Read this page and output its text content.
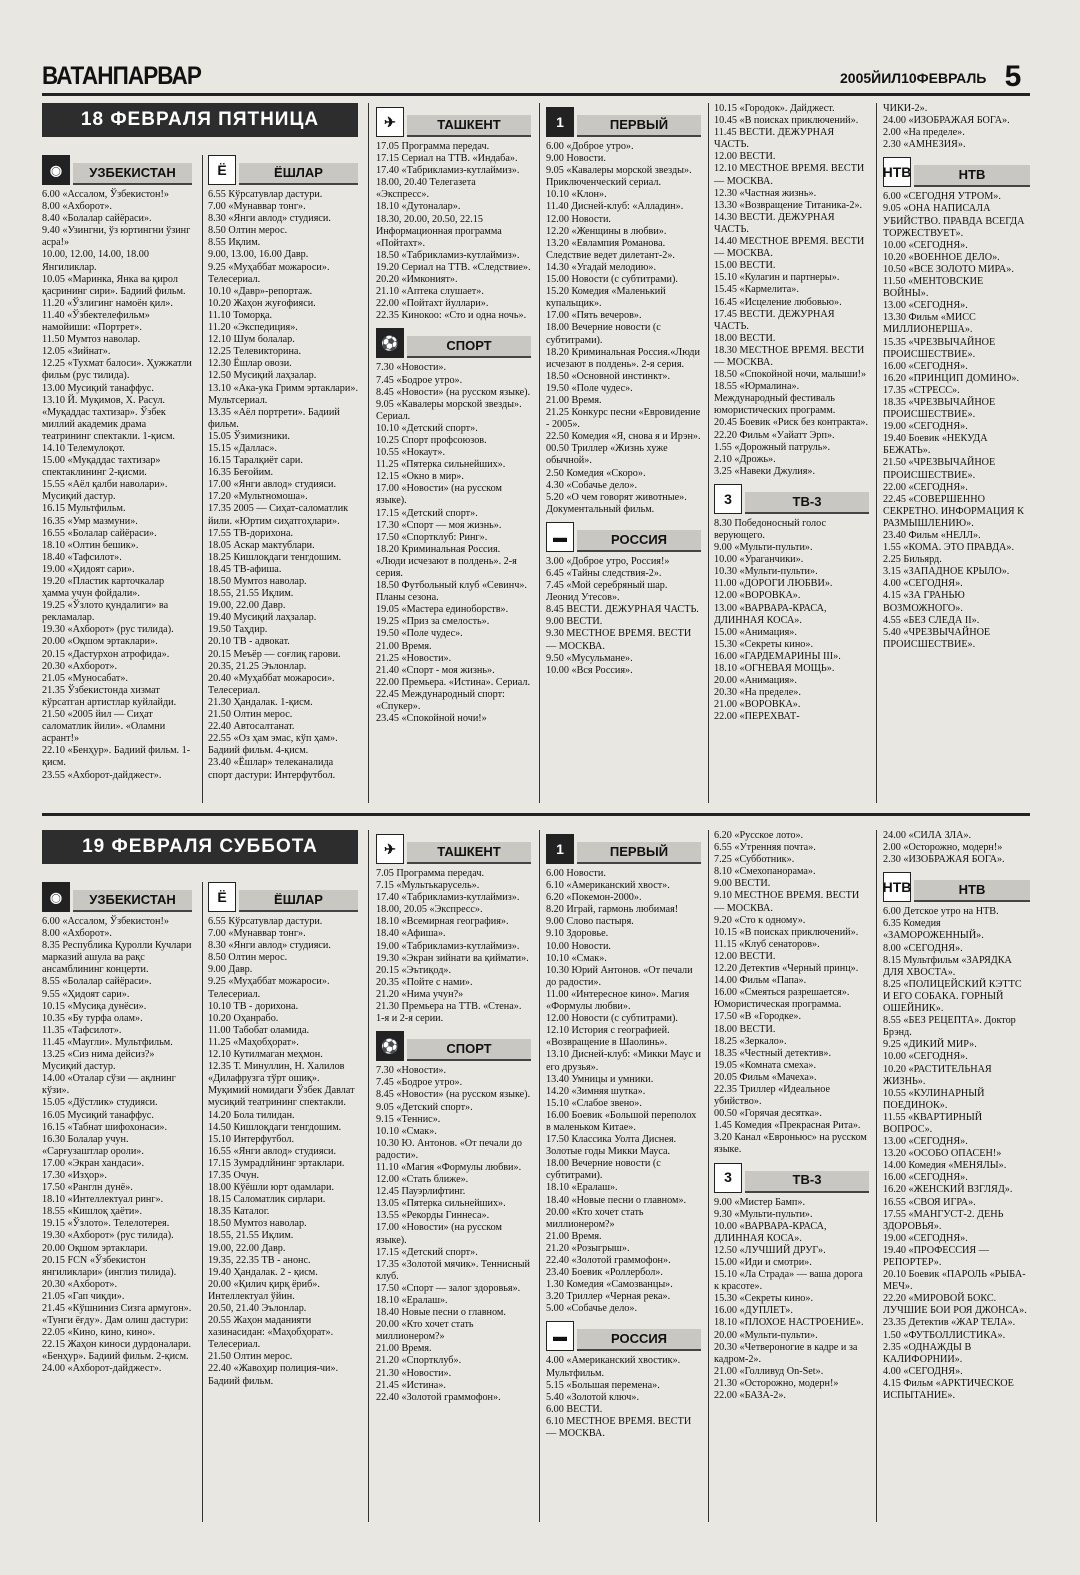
ВАТАНПАРВАР	2005ЙИЛ10ФЕВРАЛЬ 5
18 ФЕВРАЛЯ ПЯТНИЦА
◉	УЗБЕКИСТАН

6.00 «Ассалом, Ўзбекистон!»
8.00 «Ахборот».
8.40 «Болалар сайёраси».
9.40 «Узингни, ўз юртингни ўзинг асра!»
10.00, 12.00, 14.00, 18.00 Янгиликлар.
10.05 «Маринка, Янка ва қирол қасрининг сири». Бадиий фильм.
11.20 «Ўзлигинг намоён қил».
11.40 «Ўзбектелефильм» намойиши: «Портрет».
11.50 Мумтоз наволар.
12.05 «Зийнат».
12.25 «Тухмат балоси». Ҳужжатли фильм (рус тилида).
13.00 Мусиқий танаффус.
13.10 Й. Муқимов, Х. Расул. «Муқаддас тахтизар». Ўзбек миллий академик драма театрининг спектакли. 1-қисм.
14.10 Телемулоқот.
15.00 «Муқаддас тахтизар» спектаклининг 2-қисми.
15.55 «Аёл қалби наволари». Мусиқий дастур.
16.15 Мультфильм.
16.35 «Умр мазмуни».
16.55 «Болалар сайёраси».
18.10 «Олтин бешик».
18.40 «Тафсилот».
19.00 «Ҳидоят сари».
19.20 «Пластик карточкалар ҳамма учун фойдали».
19.25 «Ўзлото қундалиги» ва рекламалар.
19.30 «Ахборот» (рус тилида).
20.00 «Оқшом эртаклари».
20.15 «Дастурхон атрофида».
20.30 «Ахборот».
21.05 «Муносабат».
21.35 Ўзбекистонда хизмат кўрсатган артистлар куйлайди.
21.50 «2005 йил — Сиҳат саломатлик йили». «Оламни асрант!»
22.10 «Бенҳур». Бадиий фильм. 1-қисм.
23.55 «Ахборот-дайджест».

Ё	ЁШЛАР

6.55 Кўрсатувлар дастури.
7.00 «Мунаввар тонг».
8.30 «Янги авлод» студияси.
8.50 Олтин мерос.
8.55 Иқлим.
9.00, 13.00, 16.00 Давр.
9.25 «Муҳаббат можароси». Телесериал.
10.10 «Давр»-репортаж.
10.20 Жаҳон жуғофияси.
11.10 Томорқа.
11.20 «Экспедиция».
12.10 Шум болалар.
12.25 Телевикторина.
12.30 Ёшлар овози.
12.50 Мусиқий лаҳзалар.
13.10 «Ака-ука Гримм эртаклари». Мультсериал.
13.35 «Аёл портрети». Бадиий фильм.
15.05 Ўзимизники.
15.15 «Даллас».
16.15 Таралқиёт сари.
16.35 Беғойим.
17.00 «Янги авлод» студияси.
17.20 «Мультномоша».
17.35 2005 — Сиҳат-саломатлик йили. «Юртим сиҳатгоҳлари».
17.55 ТВ-дорихона.
18.05 Аскар мактублари.
18.25 Кишлоқдаги тенгдошим.
18.45 ТВ-афиша.
18.50 Мумтоз наволар.
18.55, 21.55 Иқлим.
19.00, 22.00 Давр.
19.40 Мусиқий лаҳзалар.
19.50 Таҳдир.
20.10 ТВ - адвокат.
20.15 Меъёр — соғлиқ гарови.
20.35, 21.25 Эълонлар.
20.40 «Муҳаббат можароси». Телесериал.
21.30 Ҳандалак. 1-қисм.
21.50 Олтин мерос.
22.40 Автосалтанат.
22.55 «Оз ҳам эмас, кўп ҳам». Бадиий фильм. 4-қисм.
23.40 «Ёшлар» телеканалида спорт дастури: Интерфутбол.

✈	ТАШКЕНТ

17.05 Программа передач.
17.15 Сериал на ТТВ. «Индаба».
17.40 «Табрикламиз-кутлаймиз».
18.00, 20.40 Телегазета «Экспресс».
18.10 «Дутоналар».
18.30, 20.00, 20.50, 22.15 Информационная программа «Пойтахт».
18.50 «Табрикламиз-кутлаймиз».
19.20 Сериал на ТТВ. «Следствие».
20.20 «Имконият».
21.10 «Аптека слушает».
22.00 «Пойтахт йуллари».
22.35 Кинокоо: «Сто и одна ночь».

⚽	СПОРТ

7.30 «Новости».
7.45 «Бодрое утро».
8.45 «Новости» (на русском языке).
9.05 «Кавалеры морской звезды». Сериал.
10.10 «Детский спорт».
10.25 Спорт профсоюзов.
10.55 «Нокаут».
11.25 «Пятерка сильнейших».
12.15 «Окно в мир».
17.00 «Новости» (на русском языке).
17.15 «Детский спорт».
17.30 «Спорт — моя жизнь».
17.50 «Спортклуб: Ринг».
18.20 Криминальная Россия. «Люди исчезают в полдень». 2-я серия.
18.50 Футбольный клуб «Севинч». Планы сезона.
19.05 «Мастера единоборств».
19.25 «Приз за смелость».
19.50 «Поле чудес».
21.00 Время.
21.25 «Новости».
21.40 «Спорт - моя жизнь».
22.00 Премьера. «Истина». Сериал.
22.45 Международный спорт: «Спукер».
23.45 «Спокойной ночи!»

1	ПЕРВЫЙ

6.00 «Доброе утро».
9.00 Новости.
9.05 «Кавалеры морской звезды». Приключенческий сериал.
10.10 «Клон».
11.40 Дисней-клуб: «Алладин».
12.00 Новости.
12.20 «Женщины в любви».
13.20 «Евлампия Романова. Следствие ведет дилетант-2».
14.30 «Угадай мелодию».
15.00 Новости (с субтитрами).
15.20 Комедия «Маленький купальщик».
17.00 «Пять вечеров».
18.00 Вечерние новости (с субтитрами).
18.20 Криминальная Россия.«Люди исчезают в полдень». 2-я серия.
18.50 «Основной инстинкт».
19.50 «Поле чудес».
21.00 Время.
21.25 Конкурс песни «Евровидение - 2005».
22.50 Комедия «Я, снова я и Ирэн».
00.50 Триллер «Жизнь хуже обычной».
2.50 Комедия «Скоро».
4.30 «Собачье дело».
5.20 «О чем говорят животные». Документальный фильм.

▬	РОССИЯ

3.00 «Доброе утро, Россия!»
6.45 «Тайны следствия-2».
7.45 «Мой серебряный шар. Леонид Утесов».
8.45 ВЕСТИ. ДЕЖУРНАЯ ЧАСТЬ.
9.00 ВЕСТИ.
9.30 МЕСТНОЕ ВРЕМЯ. ВЕСТИ — МОСКВА.
9.50 «Мусульмане».
10.00 «Вся Россия».

10.15 «Городок». Дайджест.
10.45 «В поисках приключений».
11.45 ВЕСТИ. ДЕЖУРНАЯ ЧАСТЬ.
12.00 ВЕСТИ.
12.10 МЕСТНОЕ ВРЕМЯ. ВЕСТИ — МОСКВА.
12.30 «Частная жизнь».
13.30 «Возвращение Титаника-2».
14.30 ВЕСТИ. ДЕЖУРНАЯ ЧАСТЬ.
14.40 МЕСТНОЕ ВРЕМЯ. ВЕСТИ — МОСКВА.
15.00 ВЕСТИ.
15.10 «Кулагин и партнеры».
15.45 «Кармелита».
16.45 «Исцеление любовью».
17.45 ВЕСТИ. ДЕЖУРНАЯ ЧАСТЬ.
18.00 ВЕСТИ.
18.30 МЕСТНОЕ ВРЕМЯ. ВЕСТИ — МОСКВА.
18.50 «Спокойной ночи, малыши!»
18.55 «Юрмалина». Международный фестиваль юмористических программ.
20.45 Боевик «Риск без контракта».
22.20 Фильм «Уайатт Эрп».
1.55 «Дорожный патруль».
2.10 «Дрожь».
3.25 «Навеки Джулия».

3	ТВ-3

8.30 Победоносный голос верующего.
9.00 «Мульти-пульти».
10.00 «Ураганчики».
10.30 «Мульти-пульти».
11.00 «ДОРОГИ ЛЮБВИ».
12.00 «ВОРОВКА».
13.00 «ВАРВАРА-КРАСА, ДЛИННАЯ КОСА».
15.00 «Анимация».
15.30 «Секреты кино».
16.00 «ГАРДЕМАРИНЫ III».
18.10 «ОГНЕВАЯ МОЩЬ».
20.00 «Анимация».
20.30 «На пределе».
21.00 «ВОРОВКА».
22.00 «ПЕРЕХВАТ-

ЧИКИ-2».
24.00 «ИЗОБРАЖАЯ БОГА».
2.00 «На пределе».
2.30 «АМНЕЗИЯ».

НТВ	НТВ

6.00 «СЕГОДНЯ УТРОМ».
9.05 «ОНА НАПИСАЛА УБИЙСТВО. ПРАВДА ВСЕГДА ТОРЖЕСТВУЕТ».
10.00 «СЕГОДНЯ».
10.20 «ВОЕННОЕ ДЕЛО».
10.50 «ВСЕ ЗОЛОТО МИРА».
11.50 «МЕНТОВСКИЕ ВОЙНЫ».
13.00 «СЕГОДНЯ».
13.30 Фильм «МИСС МИЛЛИОНЕРША».
15.35 «ЧРЕЗВЫЧАЙНОЕ ПРОИСШЕСТВИЕ».
16.00 «СЕГОДНЯ».
16.20 «ПРИНЦИП ДОМИНО».
17.35 «СТРЕСС».
18.35 «ЧРЕЗВЫЧАЙНОЕ ПРОИСШЕСТВИЕ».
19.00 «СЕГОДНЯ».
19.40 Боевик «НЕКУДА БЕЖАТЬ».
21.50 «ЧРЕЗВЫЧАЙНОЕ ПРОИСШЕСТВИЕ».
22.00 «СЕГОДНЯ».
22.45 «СОВЕРШЕННО СЕКРЕТНО. ИНФОРМАЦИЯ К РАЗМЫШЛЕНИЮ».
23.40 Фильм «НЕЛЛ».
1.55 «КОМА. ЭТО ПРАВДА».
2.25 Бильярд.
3.15 «ЗАПАДНОЕ КРЫЛО».
4.00 «СЕГОДНЯ».
4.15 «ЗА ГРАНЬЮ ВОЗМОЖНОГО».
4.55 «БЕЗ СЛЕДА II».
5.40 «ЧРЕЗВЫЧАЙНОЕ ПРОИСШЕСТВИЕ».

19 ФЕВРАЛЯ СУББОТА
◉	УЗБЕКИСТАН

6.00 «Ассалом, Ўзбекистон!»
8.00 «Ахборот».
8.35 Республика Қуролли Кучлари марказий ашула ва рақс ансамблининг концерти.
8.55 «Болалар сайёраси».
9.55 «Ҳидоят сари».
10.15 «Мусиқа дунёси».
10.35 «Бу турфа олам».
11.35 «Тафсилот».
11.45 «Маугли». Мультфильм.
13.25 «Сиз нима дейсиз?» Мусиқий дастур.
14.00 «Оталар сўзи — ақлнинг кўзи».
15.05 «Дўстлик» студияси.
16.05 Мусиқий танаффус.
16.15 «Табнат шифохонаси».
16.30 Болалар учун. «Сарғузаштлар ороли».
17.00 «Экран хандаси».
17.30 «Изҳор».
17.50 «Ранглн дунё».
18.10 «Интеллектуал ринг».
18.55 «Кишлоқ ҳаёти».
19.15 «Ўзлото». Телелотерея.
19.30 «Ахборот» (рус тилида).
20.00 Оқшом эртаклари.
20.15 FCN «Ўзбекистон янгиликлари» (инглиз тилида).
20.30 «Ахборот».
21.05 «Гап чиқди».
21.45 «Кўшниниз Сизга армугон».
«Тунги ёғду». Дам олиш дастури:
22.05 «Кино, кино, кино».
22.15 Жаҳон киноси дурдоналари. «Бенҳур». Бадиий фильм. 2-қисм.
24.00 «Ахборот-дайджест».

Ё	ЁШЛАР

6.55 Кўрсатувлар дастури.
7.00 «Мунаввар тонг».
8.30 «Янги авлод» студияси.
8.50 Олтин мерос.
9.00 Давр.
9.25 «Муҳаббат можароси». Телесериал.
10.10 ТВ - дорихона.
10.20 Оҳанрабо.
11.00 Табобат оламида.
11.25 «Маҳобҳорат».
12.10 Кутилмаган меҳмон.
12.35 Т. Минуллин, Н. Халилов «Дилафрузга тўрт ошиқ». Муқимий номидаги Ўзбек Давлат мусиқий театрининг спектакли.
14.20 Бола тилидан.
14.50 Кишлоқдаги тенгдошим.
15.10 Интерфутбол.
16.55 «Янги авлод» студияси.
17.15 Зумрадлйнинг эртаклари.
17.35 Очун.
18.00 Кўёшли юрт одамлари.
18.15 Саломатлик сирлари.
18.35 Каталог.
18.50 Мумтоз наволар.
18.55, 21.55 Иқлим.
19.00, 22.00 Давр.
19.35, 22.35 ТВ - анонс.
19.40 Ҳандалак. 2 - қисм.
20.00 «Қилич қирқ ёриб». Интеллектуал ўйин.
20.50, 21.40 Эълонлар.
20.55 Жаҳон маданияти хазинасидан: «Маҳобҳорат». Телесериал.
21.50 Олтин мерос.
22.40 «Жавоҳир полиция-чи». Бадиий фильм.

✈	ТАШКЕНТ

7.05 Программа передач.
7.15 «Мультькарусель».
17.40 «Табрикламиз-кутлаймиз».
18.00, 20.05 «Экспресс».
18.10 «Всемирная география».
18.40 «Афиша».
19.00 «Табрикламиз-кутлаймиз».
19.30 «Экран зийнати ва қиймати».
20.15 «Эътиқод».
20.35 «Пойте с нами».
21.20 «Нима учун?»
21.30 Премьера на ТТВ. «Стена». 1-я и 2-я серии.

⚽	СПОРТ

7.30 «Новости».
7.45 «Бодрое утро».
8.45 «Новости» (на русском языке).
9.05 «Детский спорт».
9.15 «Теннис».
10.10 «Смак».
10.30 Ю. Антонов. «От печали до радости».
11.10 «Магия «Формулы любви».
12.00 «Стать ближе».
12.45 Пауэрлифтинг.
13.05 «Пятерка сильнейших».
13.55 «Рекорды Гиннеса».
17.00 «Новости» (на русском языке).
17.15 «Детский спорт».
17.35 «Золотой мячик». Теннисный клуб.
17.50 «Спорт — залог здоровья».
18.10 «Ералаш».
18.40 Новые песни о главном.
20.00 «Кто хочет стать миллионером?»
21.00 Время.
21.20 «Спортклуб».
21.30 «Новости».
21.45 «Истина».
22.40 «Золотой граммофон».

1	ПЕРВЫЙ

6.00 Новости.
6.10 «Американский хвост».
6.20 «Покемон-2000».
8.20 Играй, гармонь любимая!
9.00 Слово пастыря.
9.10 Здоровье.
10.00 Новости.
10.10 «Смак».
10.30 Юрий Антонов. «От печали до радости».
11.00 «Интересное кино». Магия «Формулы любви».
12.00 Новости (с субтитрами).
12.10 История с географией. «Возвращение в Шаолинь».
13.10 Дисней-клуб: «Микки Маус и его друзья».
13.40 Умницы и умники.
14.20 «Зимняя шутка».
15.10 «Слабое звено».
16.00 Боевик «Большой переполох в маленьком Китае».
17.50 Классика Уолта Диснея. Золотые годы Микки Мауса.
18.00 Вечерние новости (с субтитрами).
18.10 «Ералаш».
18.40 «Новые песни о главном».
20.00 «Кто хочет стать миллионером?»
21.00 Время.
21.20 «Розыгрыш».
22.40 «Золотой граммофон».
23.40 Боевик «Роллербол».
1.30 Комедия «Самозванцы».
3.20 Триллер «Черная река».
5.00 «Собачье дело».

▬	РОССИЯ

4.00 «Американский хвостик». Мультфильм.
5.15 «Большая перемена».
5.40 «Золотой ключ».
6.00 ВЕСТИ.
6.10 МЕСТНОЕ ВРЕМЯ. ВЕСТИ — МОСКВА.

6.20 «Русское лото».
6.55 «Утренняя почта».
7.25 «Субботник».
8.10 «Смехопанорама».
9.00 ВЕСТИ.
9.10 МЕСТНОЕ ВРЕМЯ. ВЕСТИ — МОСКВА.
9.20 «Сто к одному».
10.15 «В поисках приключений».
11.15 «Клуб сенаторов».
12.00 ВЕСТИ.
12.20 Детектив «Черный принц».
14.00 Фильм «Папа».
16.00 «Смеяться разрешается». Юмористическая программа.
17.50 «В «Городке».
18.00 ВЕСТИ.
18.25 «Зеркало».
18.35 «Честный детектив».
19.05 «Комната смеха».
20.05 Фильм «Мачеха».
22.35 Триллер «Идеальное убийство».
00.50 «Горячая десятка».
1.45 Комедия «Прекрасная Рита».
3.20 Канал «Евроньюс» на русском языке.

3	ТВ-3

9.00 «Мистер Бамп».
9.30 «Мульти-пульти».
10.00 «ВАРВАРА-КРАСА, ДЛИННАЯ КОСА».
12.50 «ЛУЧШИЙ ДРУГ».
15.00 «Иди и смотри».
15.10 «Ла Страда» — ваша дорога к красоте».
15.30 «Секреты кино».
16.00 «ДУПЛЕТ».
18.10 «ПЛОХОЕ НАСТРОЕНИЕ».
20.00 «Мульти-пульти».
20.30 «Четвероногие в кадре и за кадром-2».
21.00 «Голливуд On-Set».
21.30 «Осторожно, модерн!»
22.00 «БАЗА-2».

24.00 «СИЛА ЗЛА».
2.00 «Осторожно, модерн!»
2.30 «ИЗОБРАЖАЯ БОГА».

НТВ	НТВ

6.00 Детское утро на НТВ.
6.35 Комедия «ЗАМОРОЖЕННЫЙ».
8.00 «СЕГОДНЯ».
8.15 Мультфильм «ЗАРЯДКА ДЛЯ ХВОСТА».
8.25 «ПОЛИЦЕЙСКИЙ КЭТТС И ЕГО СОБАКА. ГОРНЫЙ ОШЕЙНИК».
8.55 «БЕЗ РЕЦЕПТА». Доктор Брэнд.
9.25 «ДИКИЙ МИР».
10.00 «СЕГОДНЯ».
10.20 «РАСТИТЕЛЬНАЯ ЖИЗНЬ».
10.55 «КУЛИНАРНЫЙ ПОЕДИНОК».
11.55 «КВАРТИРНЫЙ ВОПРОС».
13.00 «СЕГОДНЯ».
13.20 «ОСОБО ОПАСЕН!»
14.00 Комедия «МЕНЯЛЫ».
16.00 «СЕГОДНЯ».
16.20 «ЖЕНСКИЙ ВЗГЛЯД».
16.55 «СВОЯ ИГРА».
17.55 «МАНГУСТ-2. ДЕНЬ ЗДОРОВЬЯ».
19.00 «СЕГОДНЯ».
19.40 «ПРОФЕССИЯ — РЕПОРТЕР».
20.10 Боевик «ПАРОЛЬ «РЫБА-МЕЧ».
22.20 «МИРОВОЙ БОКС. ЛУЧШИЕ БОИ РОЯ ДЖОНСА».
23.35 Детектив «ЖАР ТЕЛА».
1.50 «ФУТБОЛЛИСТИКА».
2.35 «ОДНАЖДЫ В КАЛИФОРНИИ».
4.00 «СЕГОДНЯ».
4.15 Фильм «АРКТИЧЕСКОЕ ИСПЫТАНИЕ».
